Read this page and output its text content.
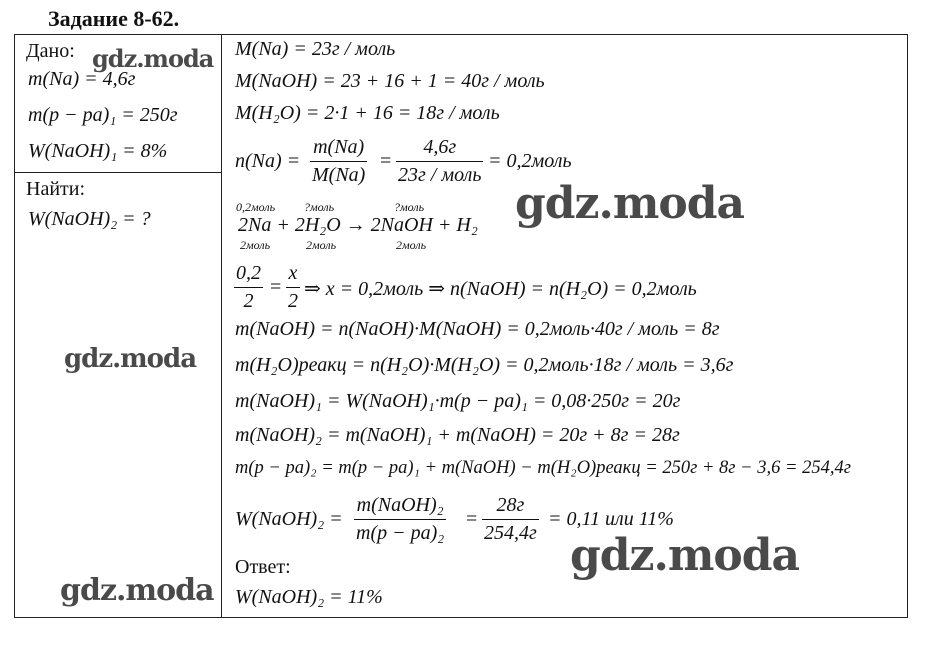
Задание 8-62.
Дано:
m(Na) = 4,6г
m(p − pa)₁ = 250г
W(NaOH)₁ = 8%
Найти:
W(NaOH)₂ = ?
M(Na) = 23г / моль
M(NaOH) = 23 + 16 + 1 = 40г / моль
M(H₂O) = 2·1 + 16 = 18г / моль
n(Na) =
m(Na)
M(Na)
=
4,6г
23г / моль
= 0,2моль
0,2моль ?моль	?моль
2Na + 2H₂O → 2NaOH + H₂
2моль	2моль	2моль
0,2
2
=
x
2
⇒ x = 0,2моль ⇒ n(NaOH) = n(H₂O) = 0,2моль
m(NaOH) = n(NaOH)·M(NaOH) = 0,2моль·40г / моль = 8г
m(H₂O)реакц = n(H₂O)·M(H₂O) = 0,2моль·18г / моль = 3,6г
m(NaOH)₁ = W(NaOH)₁·m(p − pa)₁ = 0,08·250г = 20г
m(NaOH)₂ = m(NaOH)₁ + m(NaOH) = 20г + 8г = 28г
m(p − pa)₂ = m(p − pa)₁ + m(NaOH) − m(H₂O)реакц = 250г + 8г − 3,6 = 254,4г
W(NaOH)₂ =
m(NaOH)₂
m(p − pa)₂
=
28г
254,4г
= 0,11 или 11%
Ответ:
W(NaOH)₂ = 11%
gdz.moda
gdz.moda
gdz.moda
gdz.moda
gdz.moda
